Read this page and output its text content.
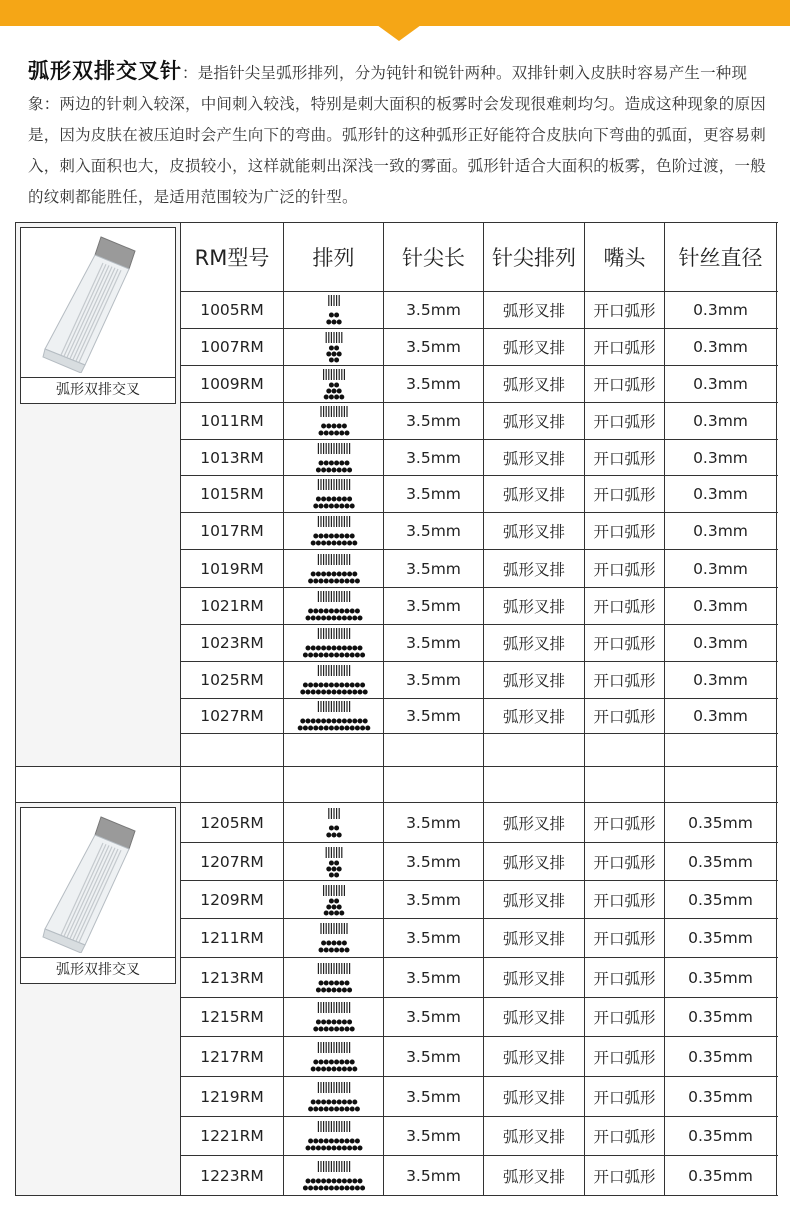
弧形双排交叉针：是指针尖呈弧形排列，分为钝针和锐针两种。双排针刺入皮肤时容易产生一种现象：两边的针刺入较深，中间刺入较浅，特别是刺大面积的板雾时会发现很难刺均匀。造成这种现象的原因是，因为皮肤在被压迫时会产生向下的弯曲。弧形针的这种弧形正好能符合皮肤向下弯曲的弧面，更容易刺入，刺入面积也大，皮损较小，这样就能刺出深浅一致的雾面。弧形针适合大面积的板雾，色阶过渡，一般的纹刺都能胜任，是适用范围较为广泛的针型。

弧形双排交叉	RM型号	排列	针尖长	针尖排列	嘴头	针丝直径
	1005RM		3.5mm	弧形叉排	开口弧形	0.3mm
	1007RM		3.5mm	弧形叉排	开口弧形	0.3mm
	1009RM		3.5mm	弧形叉排	开口弧形	0.3mm
	1011RM		3.5mm	弧形叉排	开口弧形	0.3mm
	1013RM		3.5mm	弧形叉排	开口弧形	0.3mm
	1015RM		3.5mm	弧形叉排	开口弧形	0.3mm
	1017RM		3.5mm	弧形叉排	开口弧形	0.3mm
	1019RM		3.5mm	弧形叉排	开口弧形	0.3mm
	1021RM		3.5mm	弧形叉排	开口弧形	0.3mm
	1023RM		3.5mm	弧形叉排	开口弧形	0.3mm
	1025RM		3.5mm	弧形叉排	开口弧形	0.3mm
	1027RM		3.5mm	弧形叉排	开口弧形	0.3mm

弧形双排交叉	1205RM		3.5mm	弧形叉排	开口弧形	0.35mm
	1207RM		3.5mm	弧形叉排	开口弧形	0.35mm
	1209RM		3.5mm	弧形叉排	开口弧形	0.35mm
	1211RM		3.5mm	弧形叉排	开口弧形	0.35mm
	1213RM		3.5mm	弧形叉排	开口弧形	0.35mm
	1215RM		3.5mm	弧形叉排	开口弧形	0.35mm
	1217RM		3.5mm	弧形叉排	开口弧形	0.35mm
	1219RM		3.5mm	弧形叉排	开口弧形	0.35mm
	1221RM		3.5mm	弧形叉排	开口弧形	0.35mm
	1223RM		3.5mm	弧形叉排	开口弧形	0.35mm
